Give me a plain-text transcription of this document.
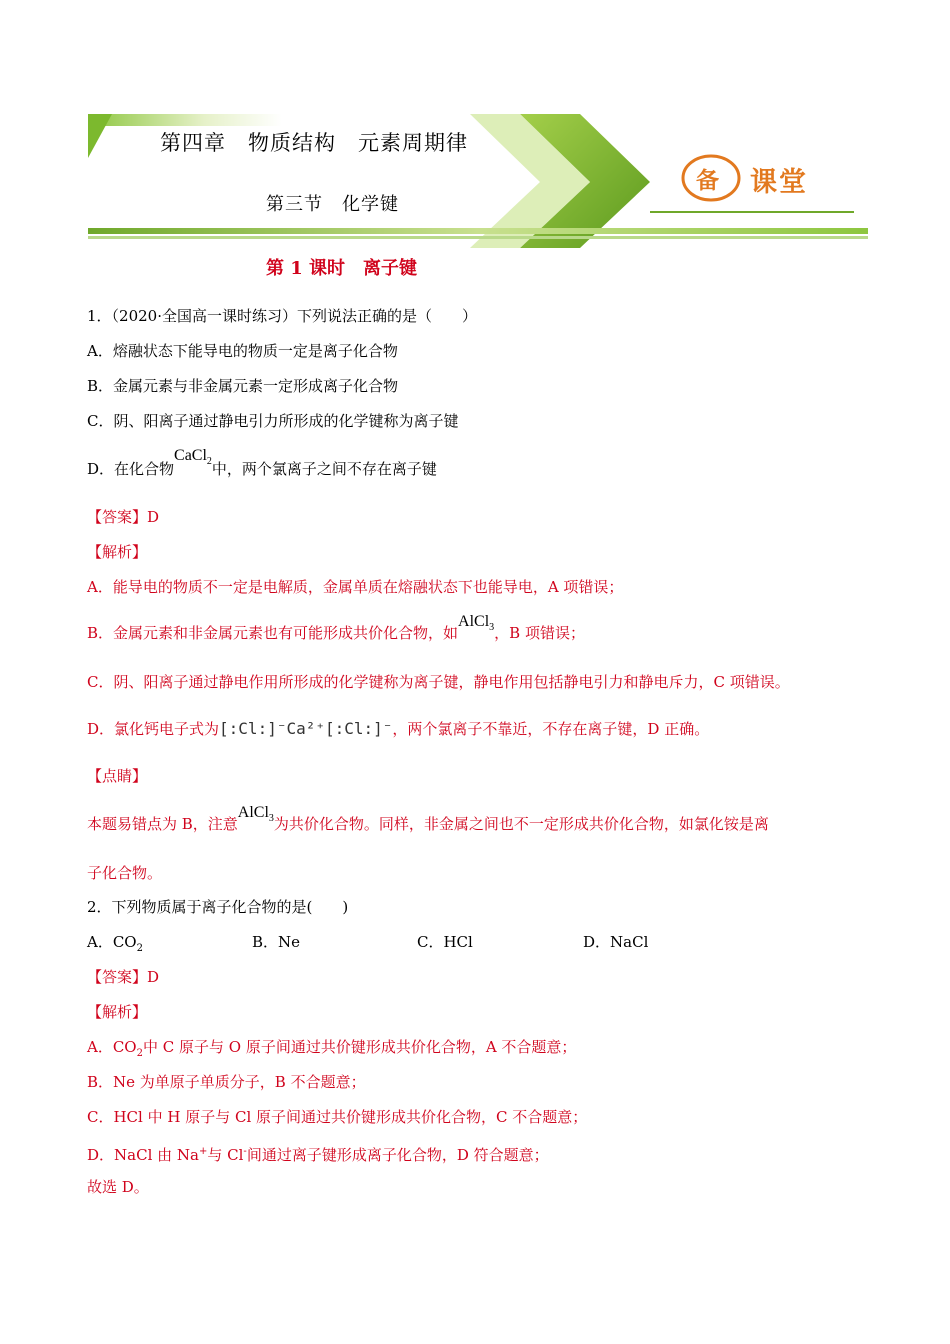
第四章　物质结构　元素周期律
第三节　化学键
备 课堂
第 1 课时　离子键
1．（2020·全国高一课时练习）下列说法正确的是（　　）
A．熔融状态下能导电的物质一定是离子化合物
B．金属元素与非金属元素一定形成离子化合物
C．阴、阳离子通过静电引力所形成的化学键称为离子键
D．在化合物CaCl$_2$中，两个氯离子之间不存在离子键
【答案】D
【解析】
A．能导电的物质不一定是电解质，金属单质在熔融状态下也能导电，A 项错误；
B．金属元素和非金属元素也有可能形成共价化合物，如AlCl$_3$，B 项错误；
C．阴、阳离子通过静电作用所形成的化学键称为离子键，静电作用包括静电引力和静电斥力，C 项错误。
D．氯化钙电子式为[:Cl:]⁻Ca²⁺[:Cl:]⁻，两个氯离子不靠近，不存在离子键，D 正确。
【点睛】
本题易错点为 B，注意AlCl$_3$为共价化合物。同样，非金属之间也不一定形成共价化合物，如氯化铵是离
子化合物。
2．下列物质属于离子化合物的是(　　)
A．$CO_2$	B．Ne	C．HCl	D．NaCl
【答案】D
【解析】
A．$CO_2$中 C 原子与 O 原子间通过共价键形成共价化合物，A 不合题意；
B．Ne 为单原子单质分子，B 不合题意；
C．HCl 中 H 原子与 Cl 原子间通过共价键形成共价化合物，C 不合题意；
D．NaCl 由 Na+与 Cl-间通过离子键形成离子化合物，D 符合题意；
故选 D。
